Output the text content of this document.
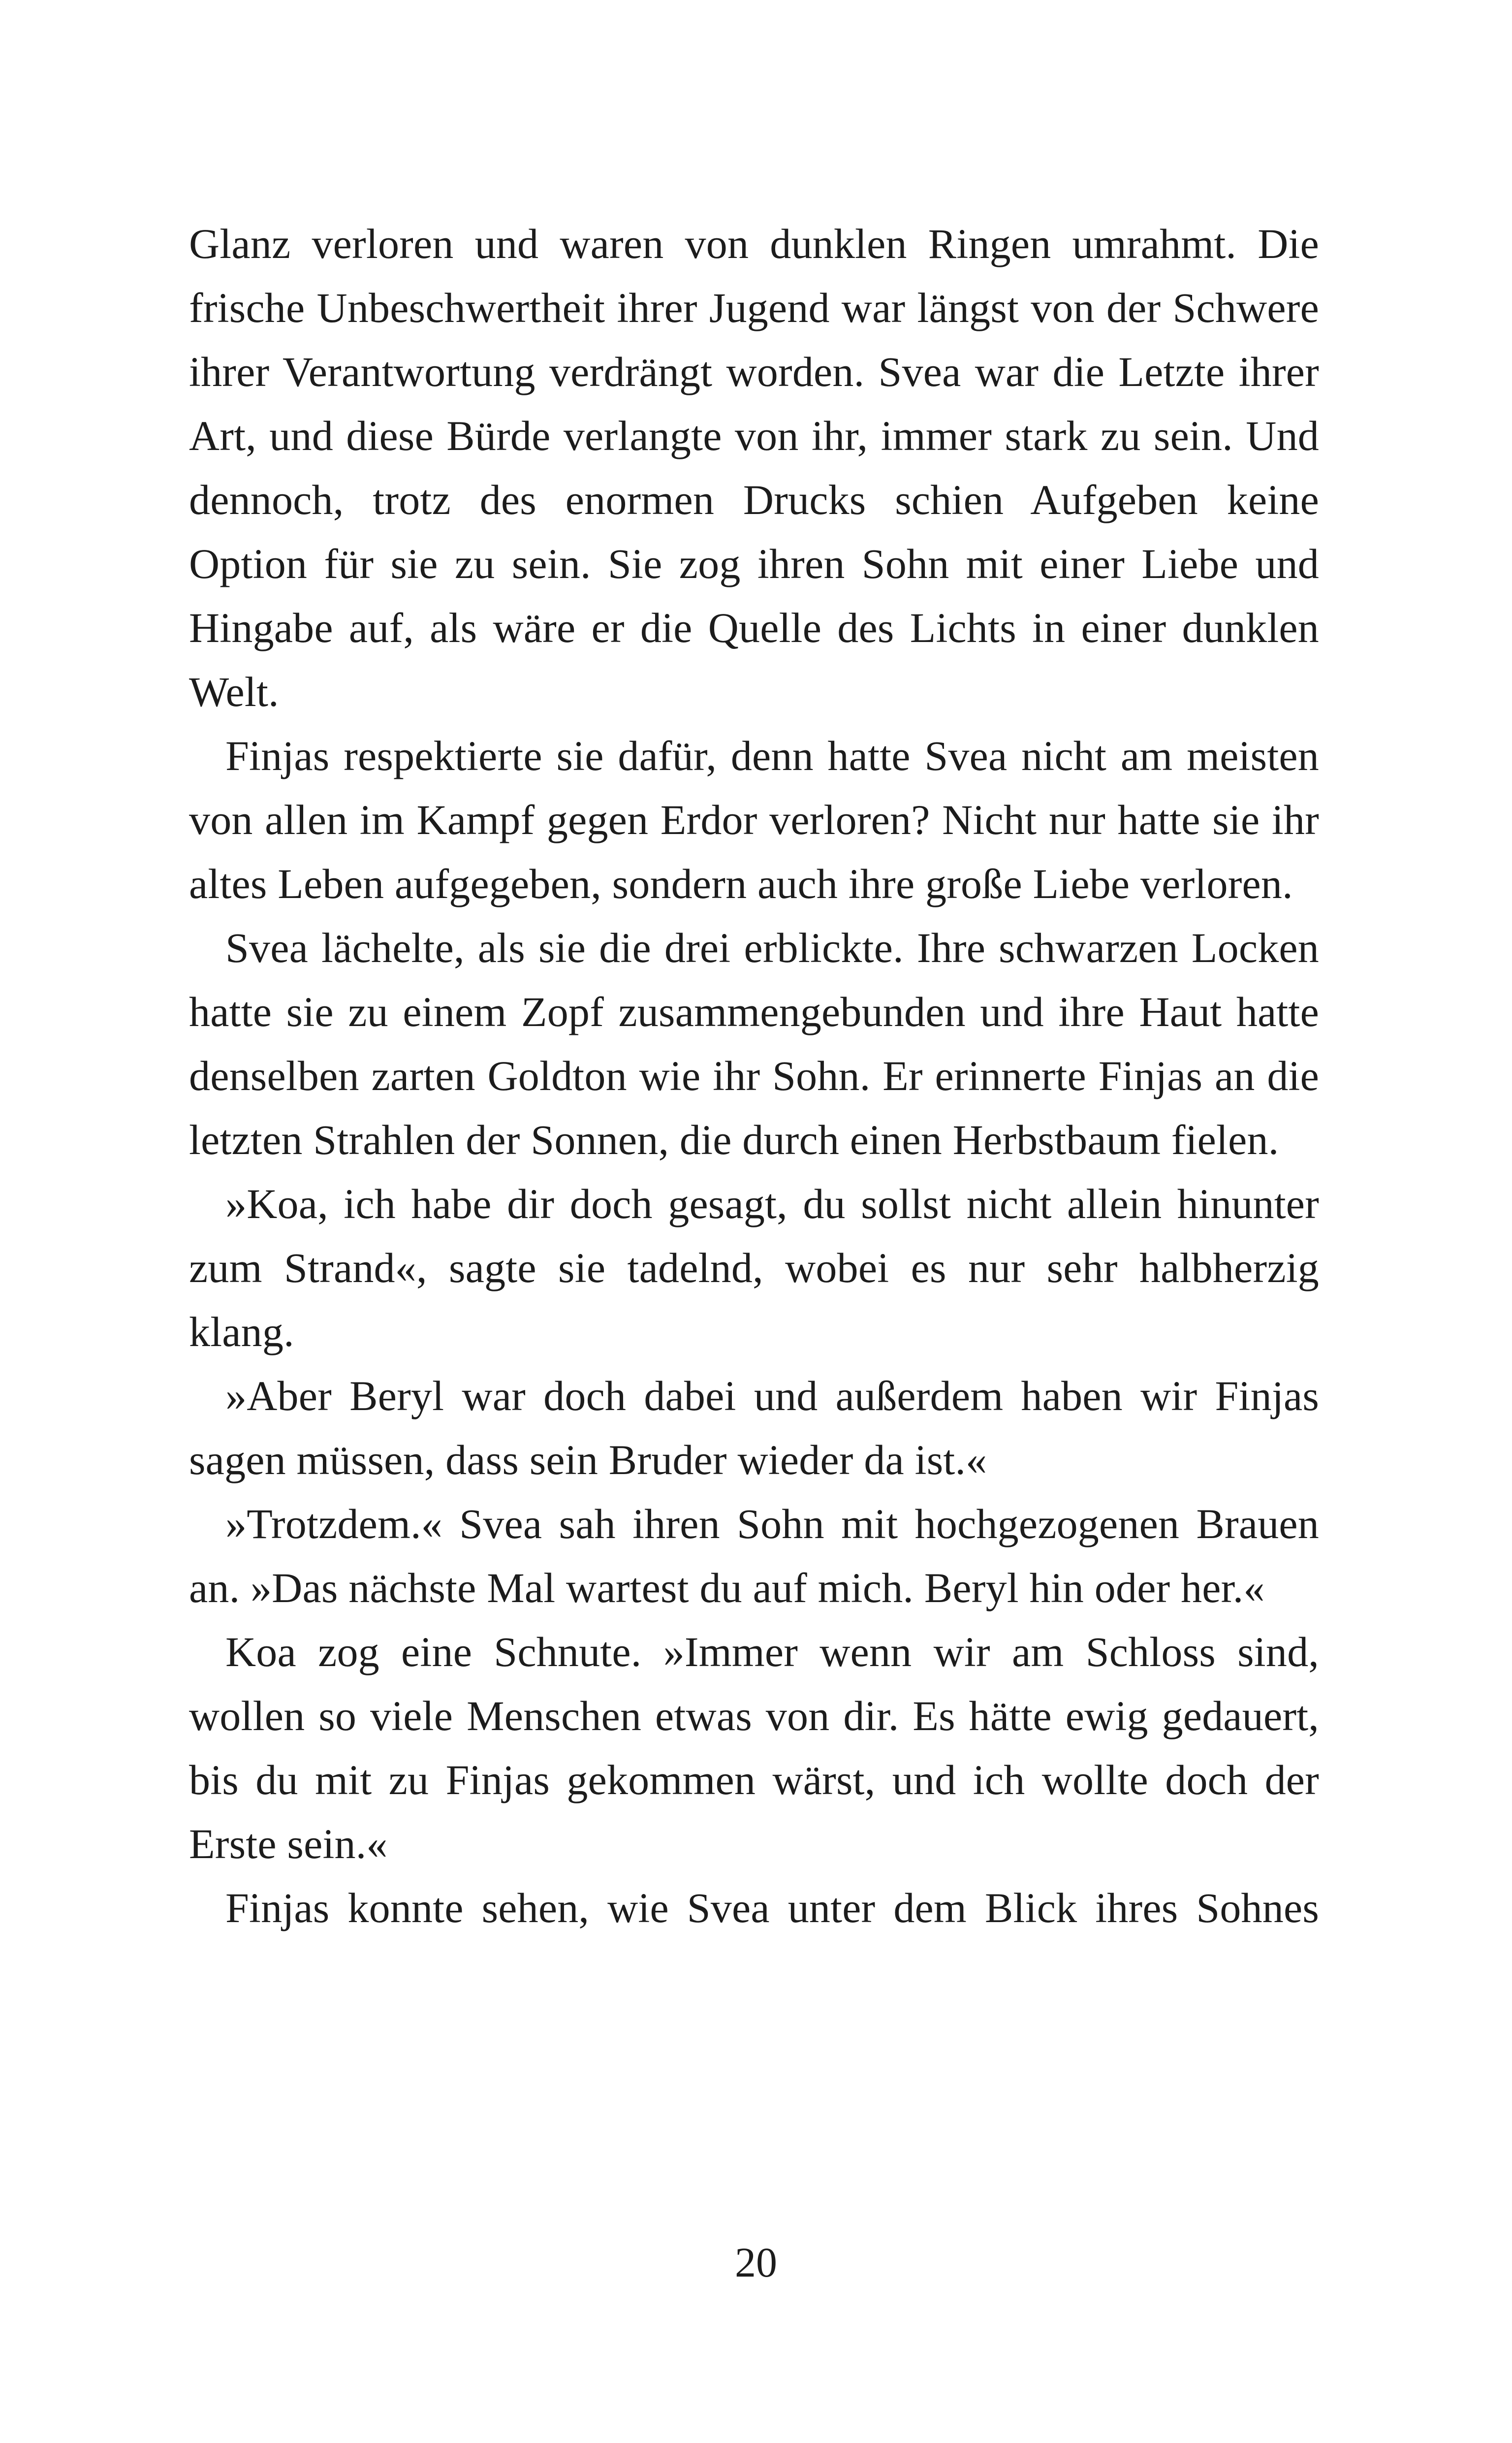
Glanz verloren und waren von dunklen Ringen umrahmt. Die frische Unbeschwertheit ihrer Jugend war längst von der Schwere ihrer Verantwortung verdrängt worden. Svea war die Letzte ihrer Art, und diese Bürde verlangte von ihr, immer stark zu sein. Und dennoch, trotz des enormen Drucks schien Aufgeben keine Option für sie zu sein. Sie zog ihren Sohn mit einer Liebe und Hingabe auf, als wäre er die Quelle des Lichts in einer dunklen Welt.

Finjas respektierte sie dafür, denn hatte Svea nicht am meisten von allen im Kampf gegen Erdor verloren? Nicht nur hatte sie ihr altes Leben aufgegeben, sondern auch ihre große Liebe verloren.

Svea lächelte, als sie die drei erblickte. Ihre schwarzen Locken hatte sie zu einem Zopf zusammengebunden und ihre Haut hatte denselben zarten Goldton wie ihr Sohn. Er erinnerte Finjas an die letzten Strahlen der Sonnen, die durch einen Herbstbaum fielen.

»Koa, ich habe dir doch gesagt, du sollst nicht allein hinunter zum Strand«, sagte sie tadelnd, wobei es nur sehr halbherzig klang.

»Aber Beryl war doch dabei und außerdem haben wir Finjas sagen müssen, dass sein Bruder wieder da ist.«

»Trotzdem.« Svea sah ihren Sohn mit hochgezogenen Brauen an. »Das nächste Mal wartest du auf mich. Beryl hin oder her.«

Koa zog eine Schnute. »Immer wenn wir am Schloss sind, wollen so viele Menschen etwas von dir. Es hätte ewig gedauert, bis du mit zu Finjas gekommen wärst, und ich wollte doch der Erste sein.«

Finjas konnte sehen, wie Svea unter dem Blick ihres Sohnes

20
